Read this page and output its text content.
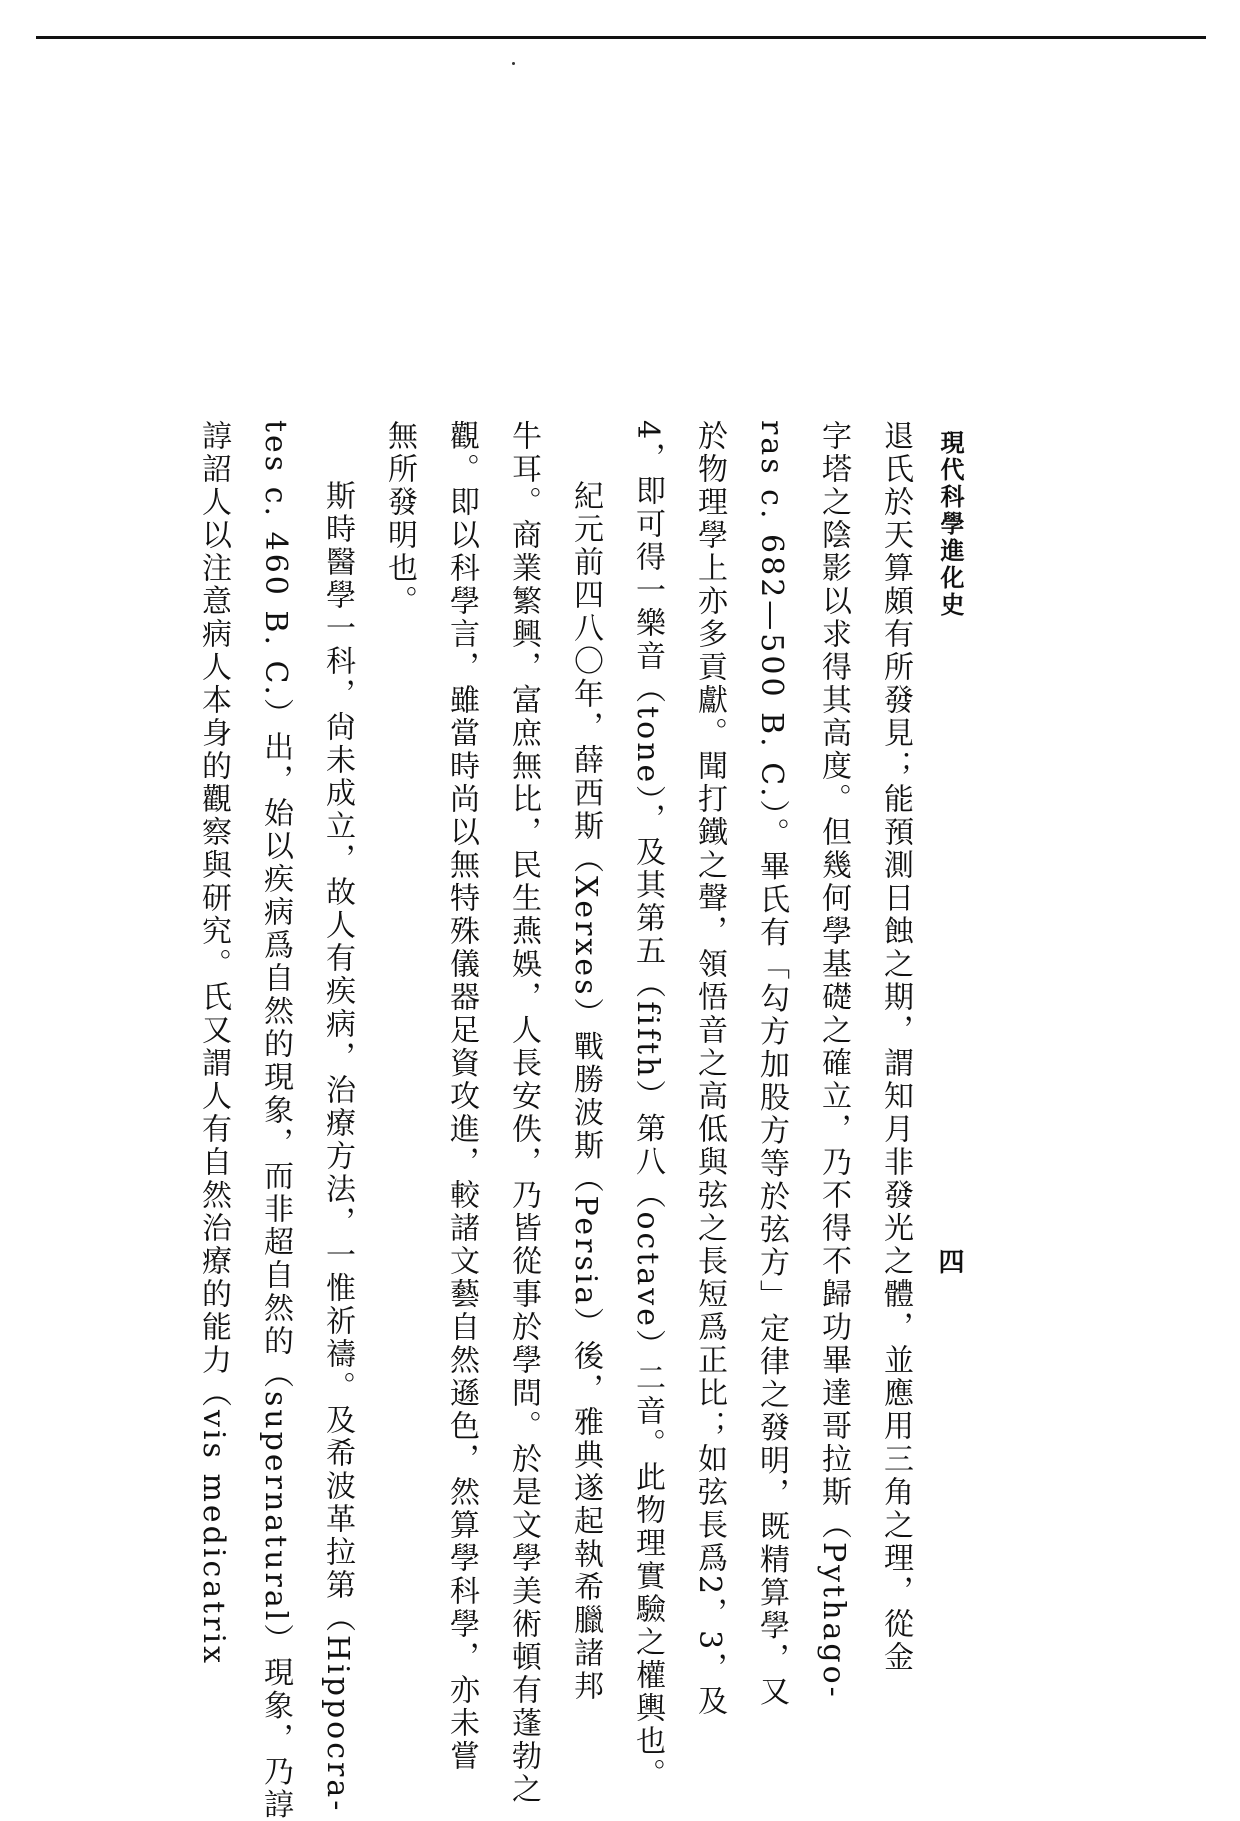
現代科學進化史
四
退氏於天算頗有所發見；能預測日蝕之期，謂知月非發光之體，並應用三角之理，從金
字塔之陰影以求得其高度。但幾何學基礎之確立，乃不得不歸功畢達哥拉斯（Pythago-
ras c. 682—500 B. C.）。畢氏有「勾方加股方等於弦方」定律之發明，既精算學，又
於物理學上亦多貢獻。聞打鐵之聲，領悟音之高低與弦之長短爲正比；如弦長爲2，3，及
4，即可得一樂音（tone），及其第五（fifth）第八（octave）二音。此物理實驗之權輿也。
紀元前四八〇年，薛西斯（Xerxes）戰勝波斯（Persia）後，雅典遂起執希臘諸邦
牛耳。商業繁興，富庶無比，民生燕娛，人長安佚，乃皆從事於學問。於是文學美術頓有蓬勃之
觀。即以科學言，雖當時尚以無特殊儀器足資攻進，較諸文藝自然遜色，然算學科學，亦未嘗
無所發明也。
斯時醫學一科，尙未成立，故人有疾病，治療方法，一惟祈禱。及希波革拉第（Hippocra-
tes c. 460 B. C.）出，始以疾病爲自然的現象，而非超自然的（supernatural）現象，乃諄
諄詔人以注意病人本身的觀察與研究。氏又謂人有自然治療的能力（vis medicatrix
